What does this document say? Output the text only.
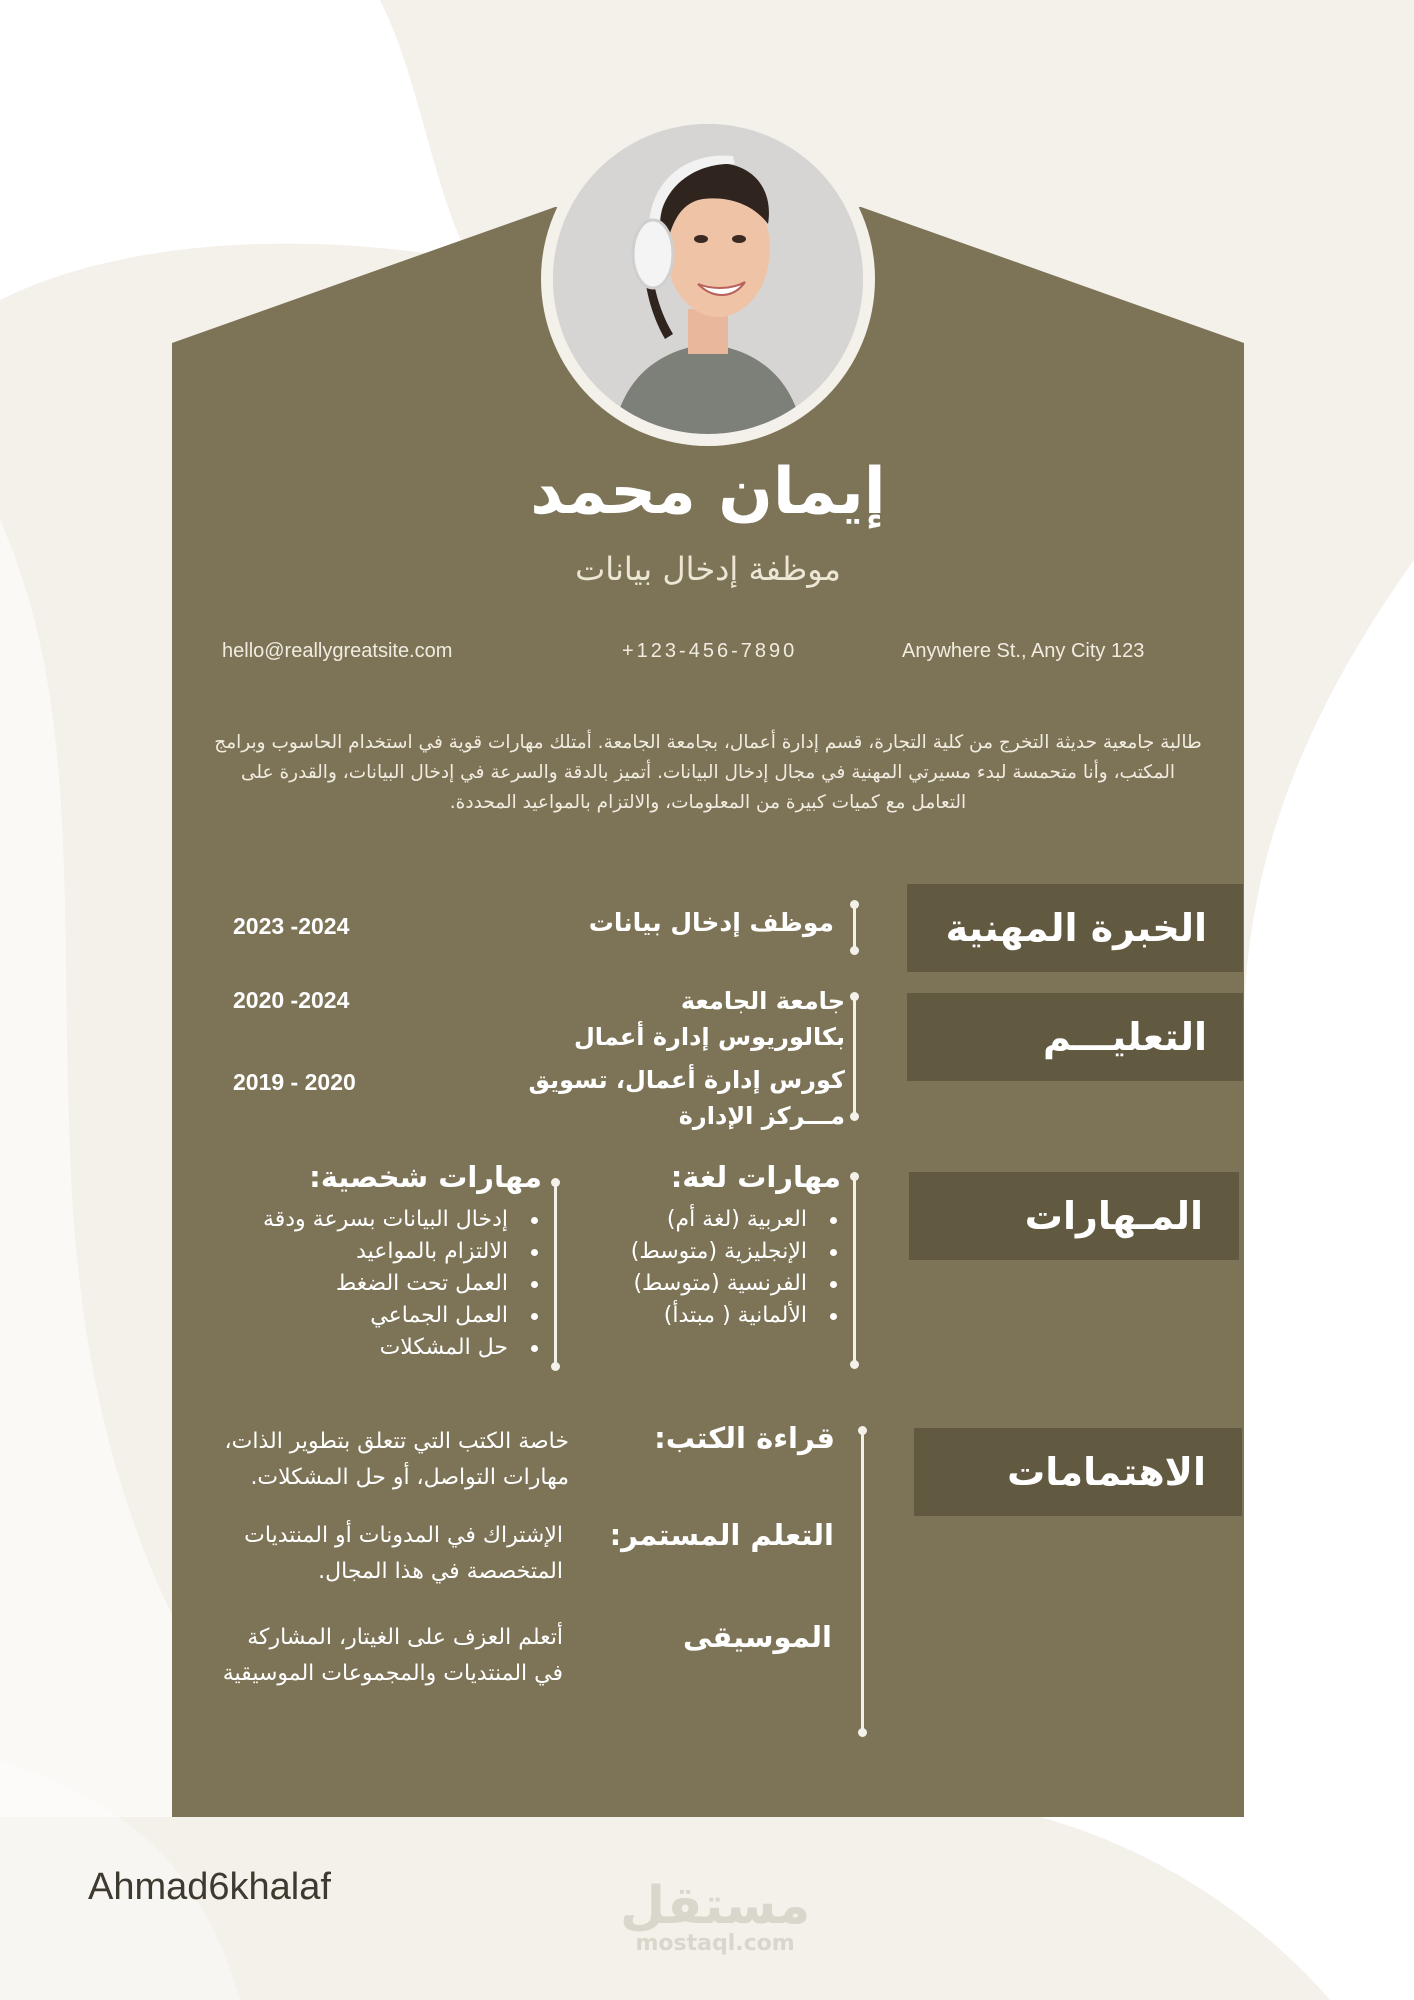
إيمان محمد
موظفة إدخال بيانات
hello@reallygreatsite.com	+123-456-7890	Anywhere St., Any City 123
طالبة جامعية حديثة التخرج من كلية التجارة، قسم إدارة أعمال، بجامعة الجامعة. أمتلك مهارات قوية في استخدام الحاسوب وبرامج المكتب، وأنا متحمسة لبدء مسيرتي المهنية في مجال إدخال البيانات. أتميز بالدقة والسرعة في إدخال البيانات، والقدرة على التعامل مع كميات كبيرة من المعلومات، والالتزام بالمواعيد المحددة.
الخبرة المهنية
موظف إدخال بيانات
2023 -2024
التعليـــم
جامعة الجامعة
بكالوريوس إدارة أعمال
2020 -2024
كورس إدارة أعمال، تسويق
مـــركز الإدارة
2019 - 2020
المـهارات
مهارات لغة:
العربية (لغة أم)
الإنجليزية (متوسط)
الفرنسية (متوسط)
الألمانية ( مبتدأ)
مهارات شخصية:
إدخال البيانات بسرعة ودقة
الالتزام بالمواعيد
العمل تحت الضغط
العمل الجماعي
حل المشكلات
الاهتمامات
قراءة الكتب:
خاصة الكتب التي تتعلق بتطوير الذات، مهارات التواصل، أو حل المشكلات.
التعلم المستمر:
الإشتراك في المدونات أو المنتديات المتخصصة في هذا المجال.
الموسيقى
أتعلم العزف على الغيتار، المشاركة في المنتديات والمجموعات الموسيقية
Ahmad6khalaf	مستقل
mostaql.com
